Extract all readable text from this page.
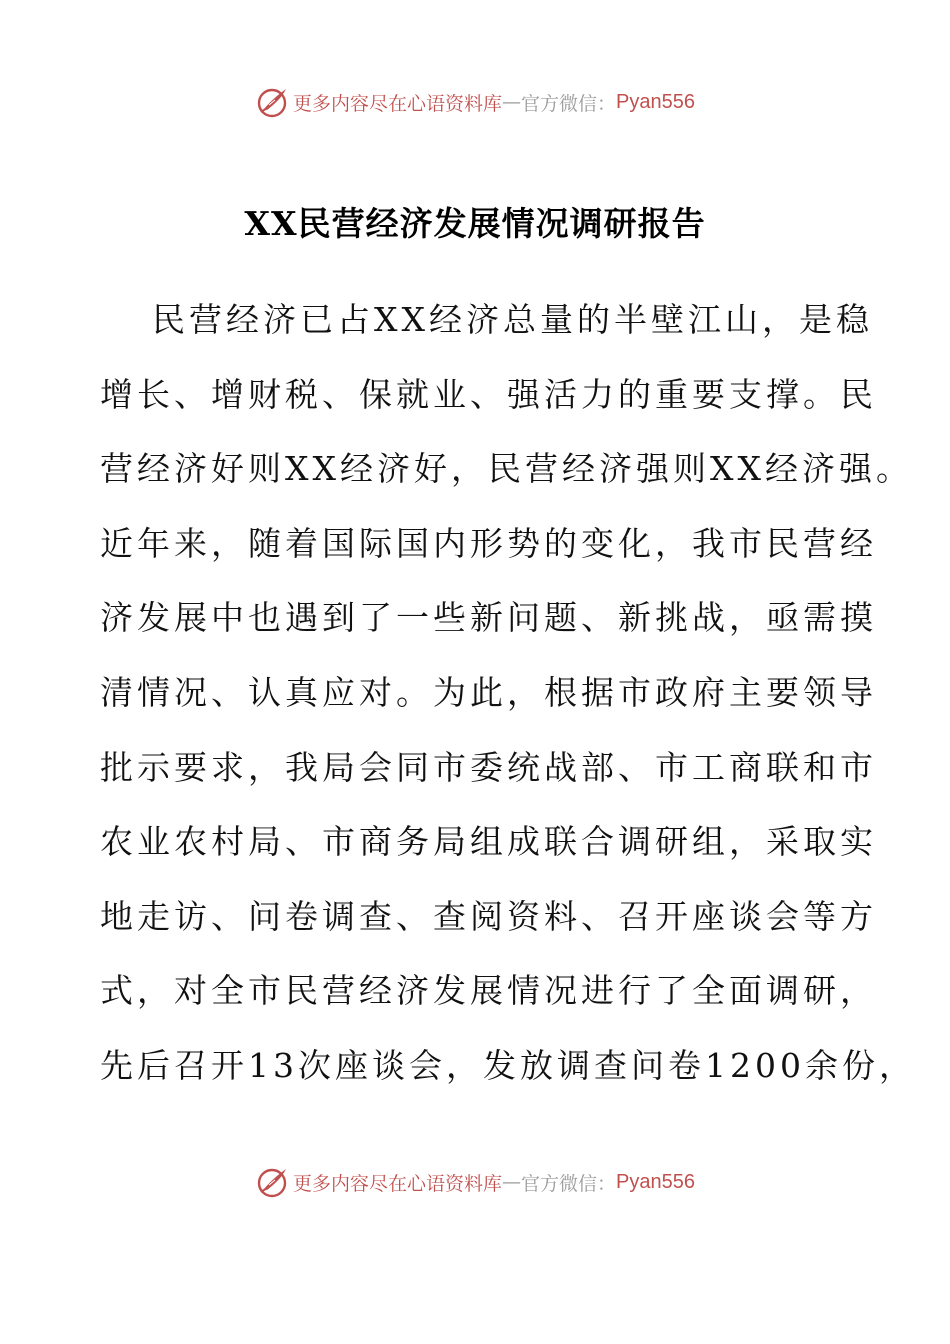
更多内容尽在心语资料库 — 官方微信： Pyan556
XX民营经济发展情况调研报告
民营经济已占XX经济总量的半壁江山，是稳
增长、增财税、保就业、强活力的重要支撑。民
营经济好则XX经济好，民营经济强则XX经济强。
近年来，随着国际国内形势的变化，我市民营经
济发展中也遇到了一些新问题、新挑战，亟需摸
清情况、认真应对。为此，根据市政府主要领导
批示要求，我局会同市委统战部、市工商联和市
农业农村局、市商务局组成联合调研组，采取实
地走访、问卷调查、查阅资料、召开座谈会等方
式，对全市民营经济发展情况进行了全面调研，
先后召开13次座谈会，发放调查问卷1200余份，
更多内容尽在心语资料库 — 官方微信： Pyan556
